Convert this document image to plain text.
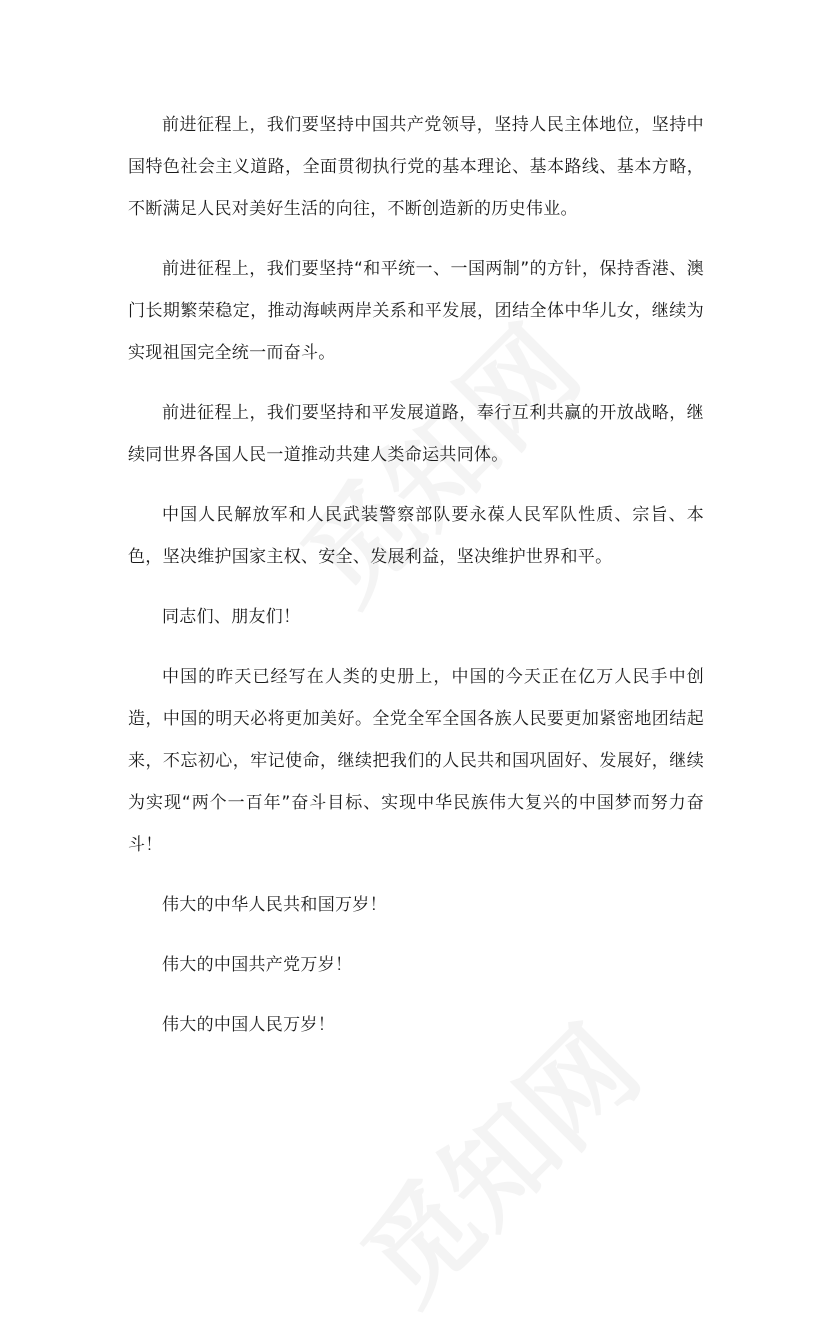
前进征程上，我们要坚持中国共产党领导，坚持人民主体地位，坚持中国特色社会主义道路，全面贯彻执行党的基本理论、基本路线、基本方略，不断满足人民对美好生活的向往，不断创造新的历史伟业。

前进征程上，我们要坚持“和平统一、一国两制”的方针，保持香港、澳门长期繁荣稳定，推动海峡两岸关系和平发展，团结全体中华儿女，继续为实现祖国完全统一而奋斗。

前进征程上，我们要坚持和平发展道路，奉行互利共赢的开放战略，继续同世界各国人民一道推动共建人类命运共同体。

中国人民解放军和人民武装警察部队要永葆人民军队性质、宗旨、本色，坚决维护国家主权、安全、发展利益，坚决维护世界和平。

同志们、朋友们！

中国的昨天已经写在人类的史册上，中国的今天正在亿万人民手中创造，中国的明天必将更加美好。全党全军全国各族人民要更加紧密地团结起来，不忘初心，牢记使命，继续把我们的人民共和国巩固好、发展好，继续为实现“两个一百年”奋斗目标、实现中华民族伟大复兴的中国梦而努力奋斗！

伟大的中华人民共和国万岁！

伟大的中国共产党万岁！

伟大的中国人民万岁！
